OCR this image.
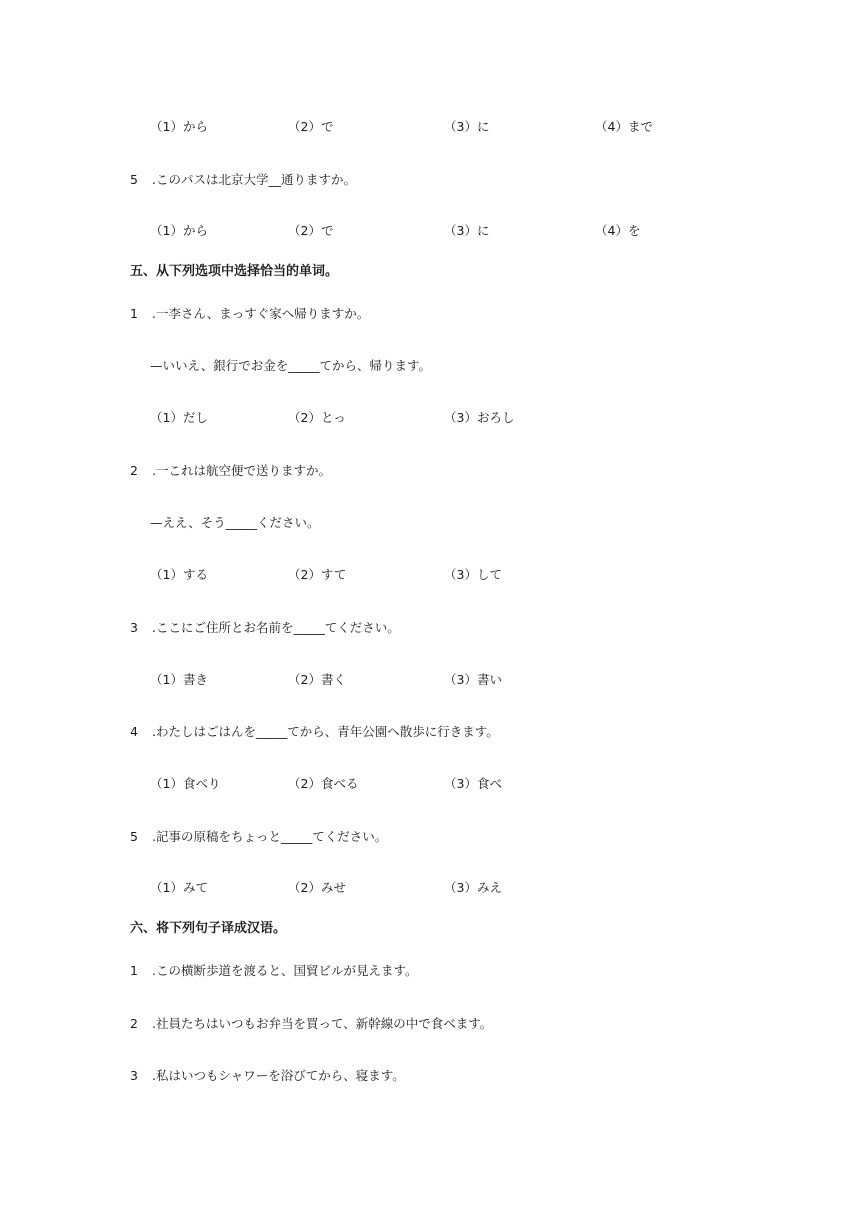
（1）から	（2）で	（3）に	（4）まで
5 .このパスは北京大学__通りますか。
（1）から	（2）で	（3）に	（4）を
五、从下列选项中选择恰当的单词。
1 .一李さん、まっすぐ家へ帰りますか。
—いいえ、銀行でお金を_____てから、帰ります。
（1）だし	（2）とっ	（3）おろし
2 .一これは航空便で送りますか。
—ええ、そう_____ください。
（1）する	（2）すて	（3）して
3 .ここにご住所とお名前を_____てください。
（1）書き	（2）書く	（3）書い
4 .わたしはごはんを_____てから、青年公園へ散歩に行きます。
（1）食べり	（2）食べる	（3）食べ
5 .記事の原稿をちょっと_____てください。
（1）みて	（2）みせ	（3）みえ
六、将下列句子译成汉语。
1 .この横断歩道を渡ると、国貿ビルが見えます。
2 .社員たちはいつもお弁当を買って、新幹線の中で食べます。
3 .私はいつもシャワーを浴びてから、寝ます。
